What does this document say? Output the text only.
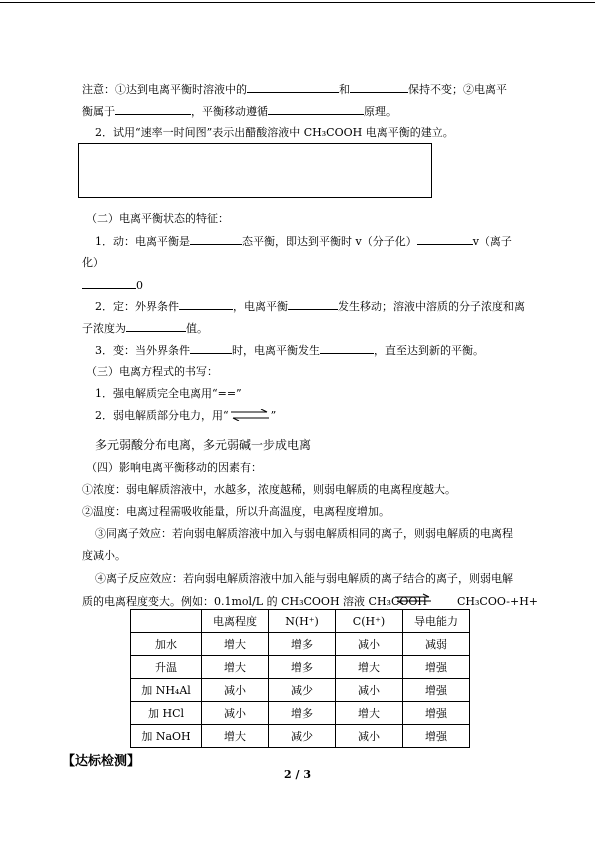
注意：①达到电离平衡时溶液中的	和	保持不变；②电离平
衡属于	，平衡移动遵循	原理。
2．试用“速率一时间图”表示出醋酸溶液中 CH₃COOH 电离平衡的建立。
（二）电离平衡状态的特征：
1．动：电离平衡是	态平衡，即达到平衡时 v（分子化）	v（离子
化）
0
2．定：外界条件	，电离平衡	发生移动；溶液中溶质的分子浓度和离
子浓度为	值。
3．变：当外界条件	时，电离平衡发生	，直至达到新的平衡。
（三）电离方程式的书写：
1．强电解质完全电离用“==”
2．弱电解质部分电力，用“⇌”
多元弱酸分布电离，多元弱碱一步成电离
（四）影响电离平衡移动的因素有：
①浓度：弱电解质溶液中，水越多，浓度越稀，则弱电解质的电离程度越大。
②温度：电离过程需吸收能量，所以升高温度，电离程度增加。
③同离子效应：若向弱电解质溶液中加入与弱电解质相同的离子，则弱电解质的电离程
度减小。
④离子反应效应：若向弱电解质溶液中加入能与弱电解质的离子结合的离子，则弱电解
质的电离程度变大。例如：0.1mol/L 的 CH₃COOH 溶液 CH₃COOH	CH₃COO-+H+
	电离程度	N(H⁺)	C(H⁺)	导电能力
加水	增大	增多	减小	减弱
升温	增大	增多	增大	增强
加 NH₄Al	减小	减少	减小	增强
加 HCl	减小	增多	增大	增强
加 NaOH	增大	减少	减小	增强
【达标检测】
2 / 3
